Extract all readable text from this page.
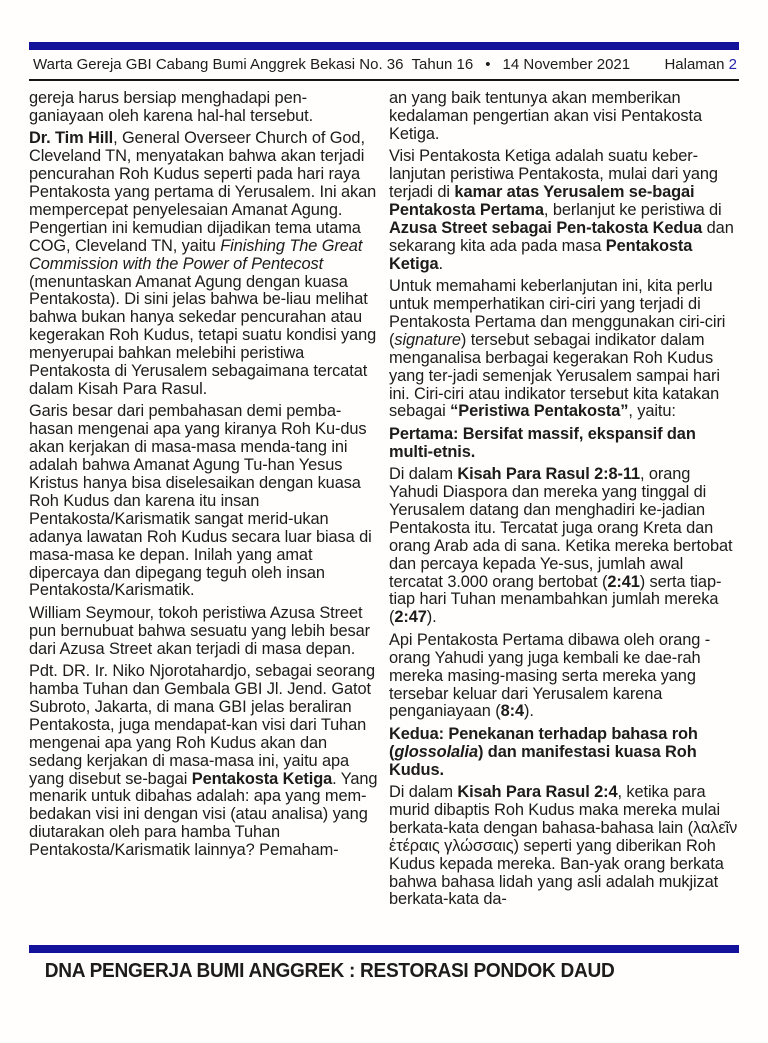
Warta Gereja GBI Cabang Bumi Anggrek Bekasi No. 36  Tahun 16 • 14 November 2021 Halaman 2

gereja harus bersiap menghadapi pen-ganiayaan oleh karena hal-hal tersebut.

Dr. Tim Hill, General Overseer Church of God, Cleveland TN, menyatakan bahwa akan terjadi pencurahan Roh Kudus seperti pada hari raya Pentakosta yang pertama di Yerusalem. Ini akan mempercepat penyelesaian Amanat Agung. Pengertian ini kemudian dijadikan tema utama COG, Cleveland TN, yaitu Finishing The Great Commission with the Power of Pentecost (menuntaskan Amanat Agung dengan kuasa Pentakosta). Di sini jelas bahwa be-liau melihat bahwa bukan hanya sekedar pencurahan atau kegerakan Roh Kudus, tetapi suatu kondisi yang menyerupai bahkan melebihi peristiwa Pentakosta di Yerusalem sebagaimana tercatat dalam Kisah Para Rasul.

Garis besar dari pembahasan demi pemba-hasan mengenai apa yang kiranya Roh Ku-dus akan kerjakan di masa-masa menda-tang ini adalah bahwa Amanat Agung Tu-han Yesus Kristus hanya bisa diselesaikan dengan kuasa Roh Kudus dan karena itu insan Pentakosta/Karismatik sangat merid-ukan adanya lawatan Roh Kudus secara luar biasa di masa-masa ke depan. Inilah yang amat dipercaya dan dipegang teguh oleh insan Pentakosta/Karismatik.

William Seymour, tokoh peristiwa Azusa Street pun bernubuat bahwa sesuatu yang lebih besar dari Azusa Street akan terjadi di masa depan.

Pdt. DR. Ir. Niko Njorotahardjo, sebagai seorang hamba Tuhan dan Gembala GBI Jl. Jend. Gatot Subroto, Jakarta, di mana GBI jelas beraliran Pentakosta, juga mendapat-kan visi dari Tuhan mengenai apa yang Roh Kudus akan dan sedang kerjakan di masa-masa ini, yaitu apa yang disebut se-bagai Pentakosta Ketiga. Yang menarik untuk dibahas adalah: apa yang mem-bedakan visi ini dengan visi (atau analisa) yang diutarakan oleh para hamba Tuhan Pentakosta/Karismatik lainnya? Pemaham-

an yang baik tentunya akan memberikan kedalaman pengertian akan visi Pentakosta Ketiga.

Visi Pentakosta Ketiga adalah suatu keber-lanjutan peristiwa Pentakosta, mulai dari yang terjadi di kamar atas Yerusalem se-bagai Pentakosta Pertama, berlanjut ke peristiwa di Azusa Street sebagai Pen-takosta Kedua dan sekarang kita ada pada masa Pentakosta Ketiga.

Untuk memahami keberlanjutan ini, kita perlu untuk memperhatikan ciri-ciri yang terjadi di Pentakosta Pertama dan menggunakan ciri-ciri (signature) tersebut sebagai indikator dalam menganalisa berbagai kegerakan Roh Kudus yang ter-jadi semenjak Yerusalem sampai hari ini. Ciri-ciri atau indikator tersebut kita katakan sebagai “Peristiwa Pentakosta”, yaitu:

Pertama: Bersifat massif, ekspansif dan multi-etnis.

Di dalam Kisah Para Rasul 2:8-11, orang Yahudi Diaspora dan mereka yang tinggal di Yerusalem datang dan menghadiri ke-jadian Pentakosta itu. Tercatat juga orang Kreta dan orang Arab ada di sana. Ketika mereka bertobat dan percaya kepada Ye-sus, jumlah awal tercatat 3.000 orang bertobat (2:41) serta tiap-tiap hari Tuhan menambahkan jumlah mereka (2:47).

Api Pentakosta Pertama dibawa oleh orang -orang Yahudi yang juga kembali ke dae-rah mereka masing-masing serta mereka yang tersebar keluar dari Yerusalem karena penganiayaan (8:4).

Kedua: Penekanan terhadap bahasa roh (glossolalia) dan manifestasi kuasa Roh Kudus.

Di dalam Kisah Para Rasul 2:4, ketika para murid dibaptis Roh Kudus maka mereka mulai berkata-kata dengan bahasa-bahasa lain (λαλεῖν ἑτέραις γλώσσαις) seperti yang diberikan Roh Kudus kepada mereka. Ban-yak orang berkata bahwa bahasa lidah yang asli adalah mukjizat berkata-kata da-

DNA PENGERJA BUMI ANGGREK : RESTORASI PONDOK DAUD
